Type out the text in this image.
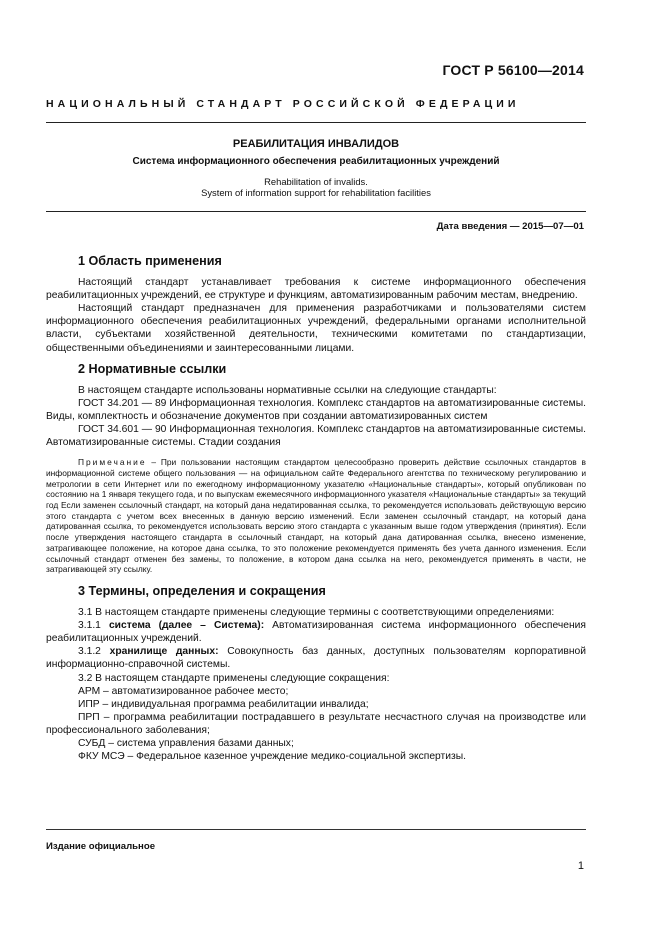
ГОСТ Р 56100—2014
НАЦИОНАЛЬНЫЙ СТАНДАРТ РОССИЙСКОЙ ФЕДЕРАЦИИ
РЕАБИЛИТАЦИЯ ИНВАЛИДОВ
Система информационного обеспечения реабилитационных учреждений
Rehabilitation of invalids.
System of information support for rehabilitation facilities
Дата введения — 2015—07—01
1 Область применения

Настоящий стандарт устанавливает требования к системе информационного обеспечения реабилитационных учреждений, ее структуре и функциям, автоматизированным рабочим местам, внедрению.

Настоящий стандарт предназначен для применения разработчиками и пользователями систем информационного обеспечения реабилитационных учреждений, федеральными органами исполнительной власти, субъектами хозяйственной деятельности, техническими комитетами по стандартизации, общественными объединениями и заинтересованными лицами.

2 Нормативные ссылки

В настоящем стандарте использованы нормативные ссылки на следующие стандарты:

ГОСТ 34.201 — 89 Информационная технология. Комплекс стандартов на автоматизированные системы. Виды, комплектность и обозначение документов при создании автоматизированных систем

ГОСТ 34.601 — 90 Информационная технология. Комплекс стандартов на автоматизированные системы. Автоматизированные системы. Стадии создания

Примечание – При пользовании настоящим стандартом целесообразно проверить действие ссылочных стандартов в информационной системе общего пользования — на официальном сайте Федерального агентства по техническому регулированию и метрологии в сети Интернет или по ежегодному информационному указателю «Национальные стандарты», который опубликован по состоянию на 1 января текущего года, и по выпускам ежемесячного информационного указателя «Национальные стандарты» за текущий год Если заменен ссылочный стандарт, на который дана недатированная ссылка, то рекомендуется использовать действующую версию этого стандарта с учетом всех внесенных в данную версию изменений. Если заменен ссылочный стандарт, на который дана датированная ссылка, то рекомендуется использовать версию этого стандарта с указанным выше годом утверждения (принятия). Если после утверждения настоящего стандарта в ссылочный стандарт, на который дана датированная ссылка, внесено изменение, затрагивающее положение, на которое дана ссылка, то это положение рекомендуется применять без учета данного изменения. Если ссылочный стандарт отменен без замены, то положение, в котором дана ссылка на него, рекомендуется применять в части, не затрагивающей эту ссылку.

3 Термины, определения и сокращения

3.1 В настоящем стандарте применены следующие термины с соответствующими определениями:

3.1.1 система (далее – Система): Автоматизированная система информационного обеспечения реабилитационных учреждений.

3.1.2 хранилище данных: Совокупность баз данных, доступных пользователям корпоративной информационно-справочной системы.

3.2 В настоящем стандарте применены следующие сокращения:

АРМ – автоматизированное рабочее место;

ИПР – индивидуальная программа реабилитации инвалида;

ПРП – программа реабилитации пострадавшего в результате несчастного случая на производстве или профессионального заболевания;

СУБД – система управления базами данных;

ФКУ МСЭ – Федеральное казенное учреждение медико-социальной экспертизы.

Издание официальное
1
